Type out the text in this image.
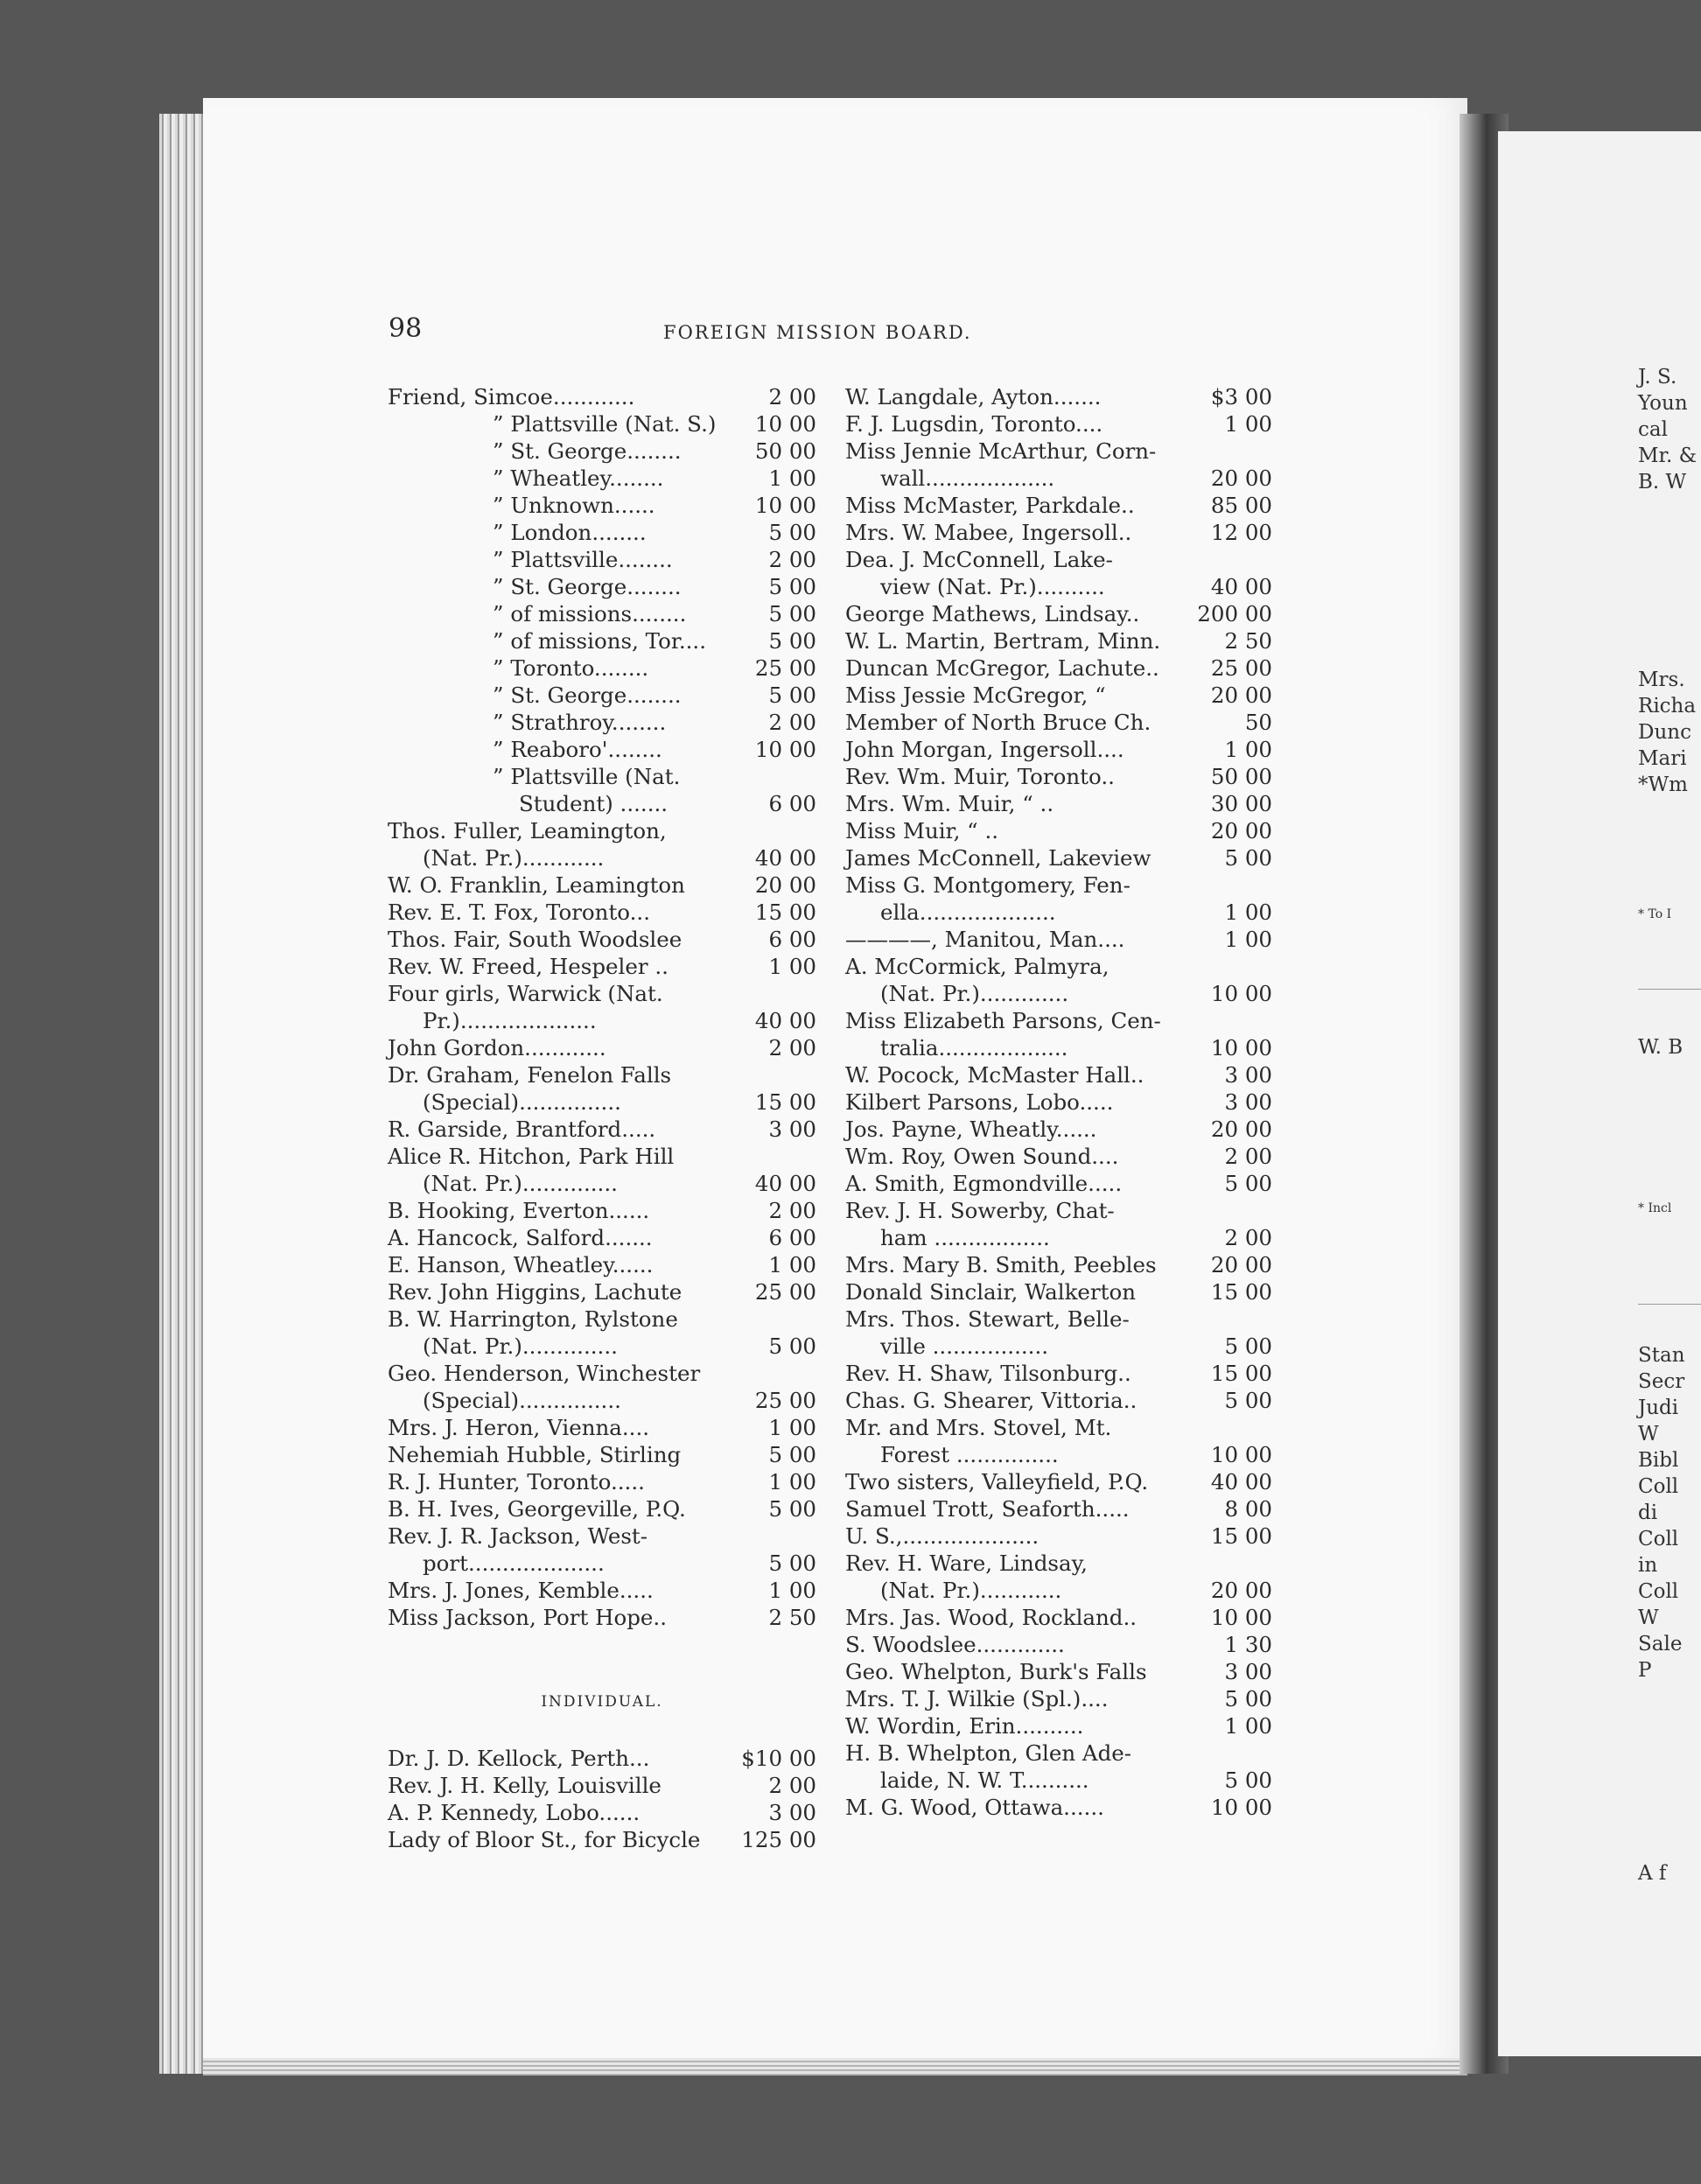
J. S.
Youn
cal
Mr. &
B. W
Mrs.
Richa
Dunc
Mari
*Wm
* To I
W. B
* Incl
Stan
Secr
Judi
W
Bibl
Coll
di
Coll
in
Coll
W
Sale
P
A f
98	FOREIGN MISSION BOARD.
Friend, Simcoe............	2 00
” Plattsville (Nat. S.)	10 00
” St. George........	50 00
” Wheatley........	1 00
” Unknown......	10 00
” London........	5 00
” Plattsville........	2 00
” St. George........	5 00
” of missions........	5 00
” of missions, Tor....	5 00
” Toronto........	25 00
” St. George........	5 00
” Strathroy........	2 00
” Reaboro'........	10 00
” Plattsville (Nat.
Student) .......	6 00
Thos. Fuller, Leamington,
(Nat. Pr.)............	40 00
W. O. Franklin, Leamington	20 00
Rev. E. T. Fox, Toronto...	15 00
Thos. Fair, South Woodslee	6 00
Rev. W. Freed, Hespeler ..	1 00
Four girls, Warwick (Nat.
Pr.)....................	40 00
John Gordon............	2 00
Dr. Graham, Fenelon Falls
(Special)...............	15 00
R. Garside, Brantford.....	3 00
Alice R. Hitchon, Park Hill
(Nat. Pr.)..............	40 00
B. Hooking, Everton......	2 00
A. Hancock, Salford.......	6 00
E. Hanson, Wheatley......	1 00
Rev. John Higgins, Lachute	25 00
B. W. Harrington, Rylstone
(Nat. Pr.)..............	5 00
Geo. Henderson, Winchester
(Special)...............	25 00
Mrs. J. Heron, Vienna....	1 00
Nehemiah Hubble, Stirling	5 00
R. J. Hunter, Toronto.....	1 00
B. H. Ives, Georgeville, P.Q.	5 00
Rev. J. R. Jackson, West-
port....................	5 00
Mrs. J. Jones, Kemble.....	1 00
Miss Jackson, Port Hope..	2 50
INDIVIDUAL.
Dr. J. D. Kellock, Perth...	$10 00
Rev. J. H. Kelly, Louisville	2 00
A. P. Kennedy, Lobo......	3 00
Lady of Bloor St., for Bicycle	125 00
W. Langdale, Ayton.......	$3 00
F. J. Lugsdin, Toronto....	1 00
Miss Jennie McArthur, Corn-
wall...................	20 00
Miss McMaster, Parkdale..	85 00
Mrs. W. Mabee, Ingersoll..	12 00
Dea. J. McConnell, Lake-
view (Nat. Pr.)..........	40 00
George Mathews, Lindsay..	200 00
W. L. Martin, Bertram, Minn.	2 50
Duncan McGregor, Lachute..	25 00
Miss Jessie McGregor, “	20 00
Member of North Bruce Ch.	50
John Morgan, Ingersoll....	1 00
Rev. Wm. Muir, Toronto..	50 00
Mrs. Wm. Muir, “ ..	30 00
Miss Muir, “ ..	20 00
James McConnell, Lakeview	5 00
Miss G. Montgomery, Fen-
ella....................	1 00
————, Manitou, Man....	1 00
A. McCormick, Palmyra,
(Nat. Pr.).............	10 00
Miss Elizabeth Parsons, Cen-
tralia...................	10 00
W. Pocock, McMaster Hall..	3 00
Kilbert Parsons, Lobo.....	3 00
Jos. Payne, Wheatly......	20 00
Wm. Roy, Owen Sound....	2 00
A. Smith, Egmondville.....	5 00
Rev. J. H. Sowerby, Chat-
ham .................	2 00
Mrs. Mary B. Smith, Peebles	20 00
Donald Sinclair, Walkerton	15 00
Mrs. Thos. Stewart, Belle-
ville .................	5 00
Rev. H. Shaw, Tilsonburg..	15 00
Chas. G. Shearer, Vittoria..	5 00
Mr. and Mrs. Stovel, Mt.
Forest ...............	10 00
Two sisters, Valleyfield, P.Q.	40 00
Samuel Trott, Seaforth.....	8 00
U. S.,....................	15 00
Rev. H. Ware, Lindsay,
(Nat. Pr.)............	20 00
Mrs. Jas. Wood, Rockland..	10 00
S. Woodslee.............	1 30
Geo. Whelpton, Burk's Falls	3 00
Mrs. T. J. Wilkie (Spl.)....	5 00
W. Wordin, Erin..........	1 00
H. B. Whelpton, Glen Ade-
laide, N. W. T..........	5 00
M. G. Wood, Ottawa......	10 00
